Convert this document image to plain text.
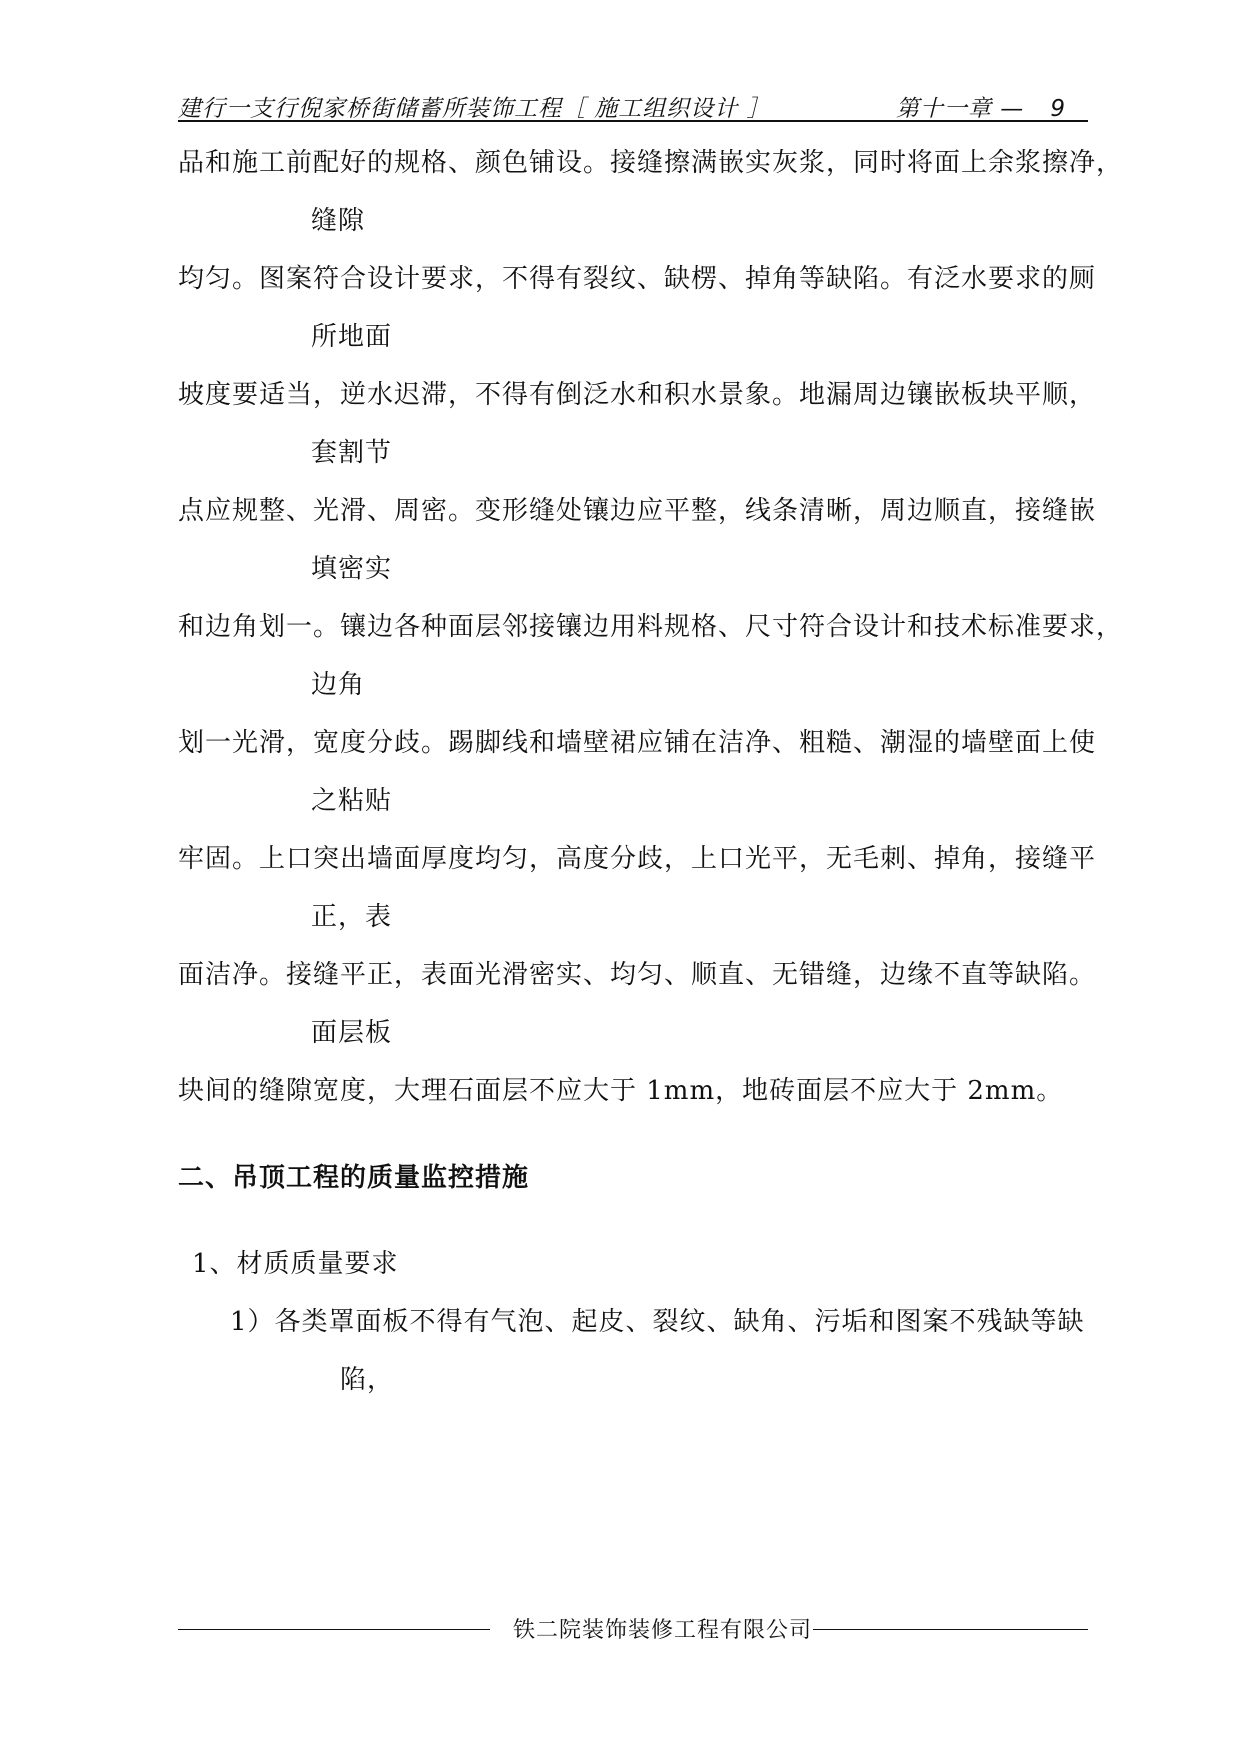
建行一支行倪家桥街储蓄所装饰工程［ 施工组织设计 ］	第十一章 — 9
品和施工前配好的规格、颜色铺设。接缝擦满嵌实灰浆，同时将面上余浆擦净，
缝隙
均匀。图案符合设计要求，不得有裂纹、缺楞、掉角等缺陷。有泛水要求的厕
所地面
坡度要适当，逆水迟滞，不得有倒泛水和积水景象。地漏周边镶嵌板块平顺，
套割节
点应规整、光滑、周密。变形缝处镶边应平整，线条清晰，周边顺直，接缝嵌
填密实
和边角划一。镶边各种面层邻接镶边用料规格、尺寸符合设计和技术标准要求，
边角
划一光滑，宽度分歧。踢脚线和墙壁裙应铺在洁净、粗糙、潮湿的墙壁面上使
之粘贴
牢固。上口突出墙面厚度均匀，高度分歧，上口光平，无毛刺、掉角，接缝平
正，表
面洁净。接缝平正，表面光滑密实、均匀、顺直、无错缝，边缘不直等缺陷。
面层板
块间的缝隙宽度，大理石面层不应大于 1mm，地砖面层不应大于 2mm。
二、吊顶工程的质量监控措施
1、材质质量要求
1）各类罩面板不得有气泡、起皮、裂纹、缺角、污垢和图案不残缺等缺
陷，
铁二院装饰装修工程有限公司
